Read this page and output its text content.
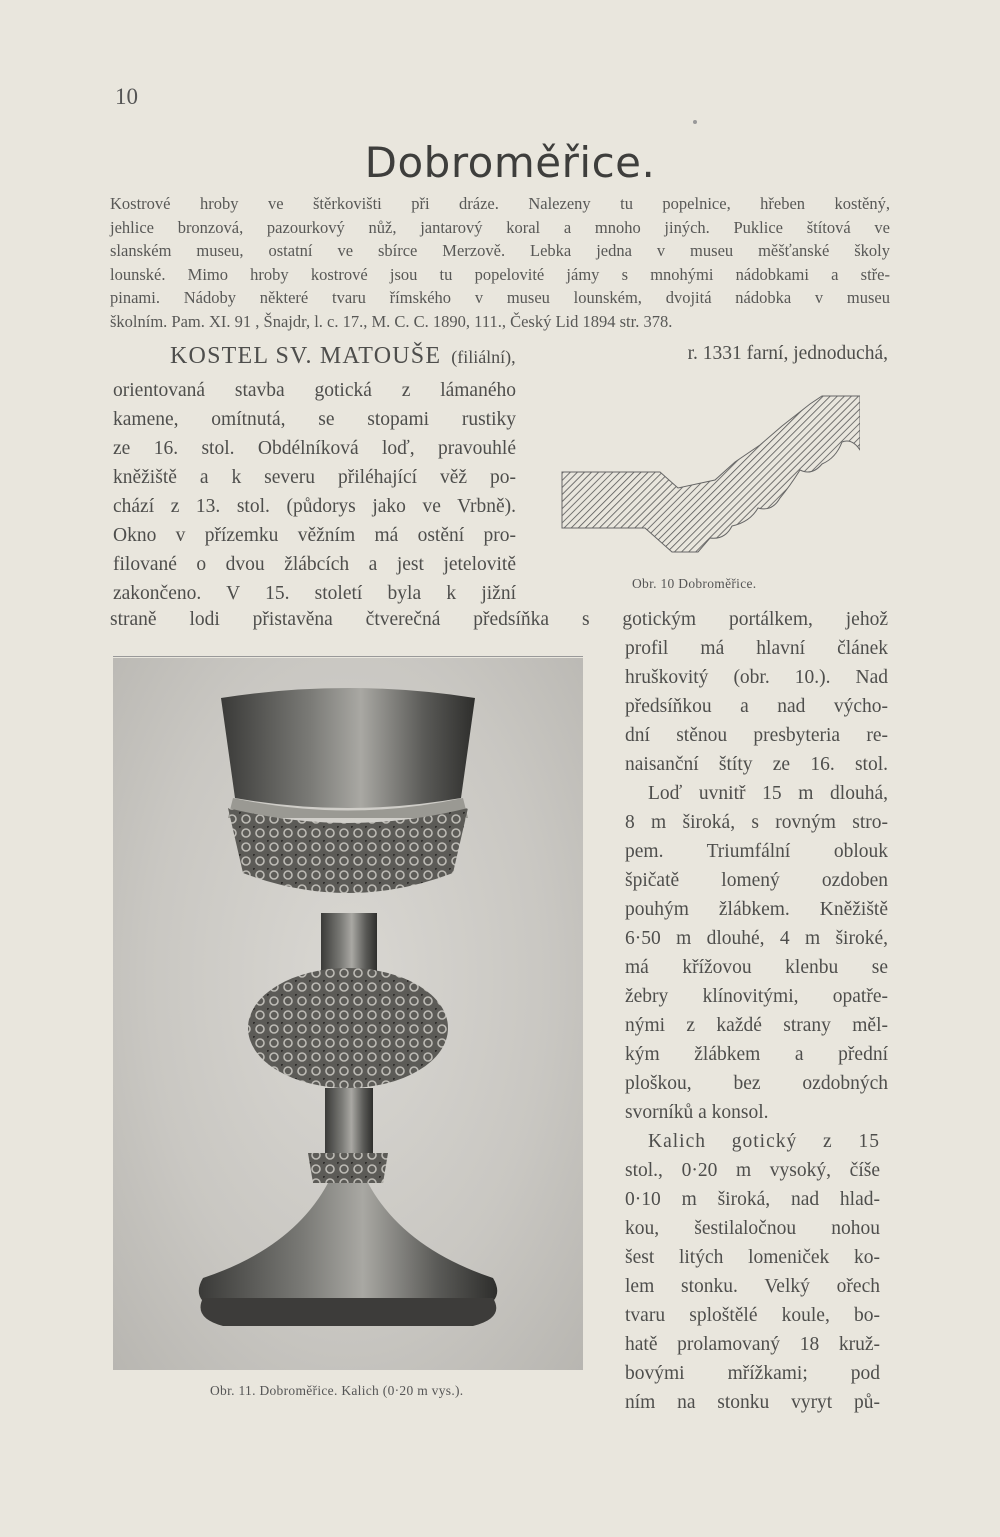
10
Dobroměřice.
Kostrové hroby ve štěrkovišti při dráze. Nalezeny tu popelnice, hřeben kostěný,
jehlice bronzová, pazourkový nůž, jantarový koral a mnoho jiných. Puklice štítová ve
slanském museu, ostatní ve sbírce Merzově. Lebka jedna v museu měšťanské školy
lounské. Mimo hroby kostrové jsou tu popelovité jámy s mnohými nádobkami a stře-
pinami. Nádoby některé tvaru římského v museu lounském, dvojitá nádobka v museu
školním. Pam. XI. 91 , Šnajdr, l. c. 17., M. C. C. 1890, 111., Český Lid 1894 str. 378.
KOSTEL SV. MATOUŠE (filiální),	r. 1331 farní, jednoduchá,
orientovaná stavba gotická z lámaného
kamene, omítnutá, se stopami rustiky
ze 16. stol. Obdélníková loď, pravouhlé
kněžiště a k severu přiléhající věž po-
chází z 13. stol. (půdorys jako ve Vrbně).
Okno v přízemku věžním má ostění pro-
filované o dvou žlábcích a jest jetelovitě
zakončeno. V 15. století byla k jižní	Obr. 10 Dobroměřice.
straně lodi přistavěna čtverečná předsíňka s gotickým portálkem, jehož
Obr. 11. Dobroměřice. Kalich (0·20 m vys.).
profil má hlavní článek
hruškovitý (obr. 10.). Nad
předsíňkou a nad výcho-
dní stěnou presbyteria re-
naisanční štíty ze 16. stol.
Loď uvnitř 15 m dlouhá,
8 m široká, s rovným stro-
pem. Triumfální oblouk
špičatě lomený ozdoben
pouhým žlábkem. Kněžiště
6·50 m dlouhé, 4 m široké,
má křížovou klenbu se
žebry klínovitými, opatře-
nými z každé strany měl-
kým žlábkem a přední
ploškou, bez ozdobných
svorníků a konsol.
Kalich gotický z 15
stol., 0·20 m vysoký, číše
0·10 m široká, nad hlad-
kou, šestilaločnou nohou
šest litých lomeniček ko-
lem stonku. Velký ořech
tvaru sploštělé koule, bo-
hatě prolamovaný 18 kruž-
bovými mřížkami; pod
ním na stonku vyryt pů-
